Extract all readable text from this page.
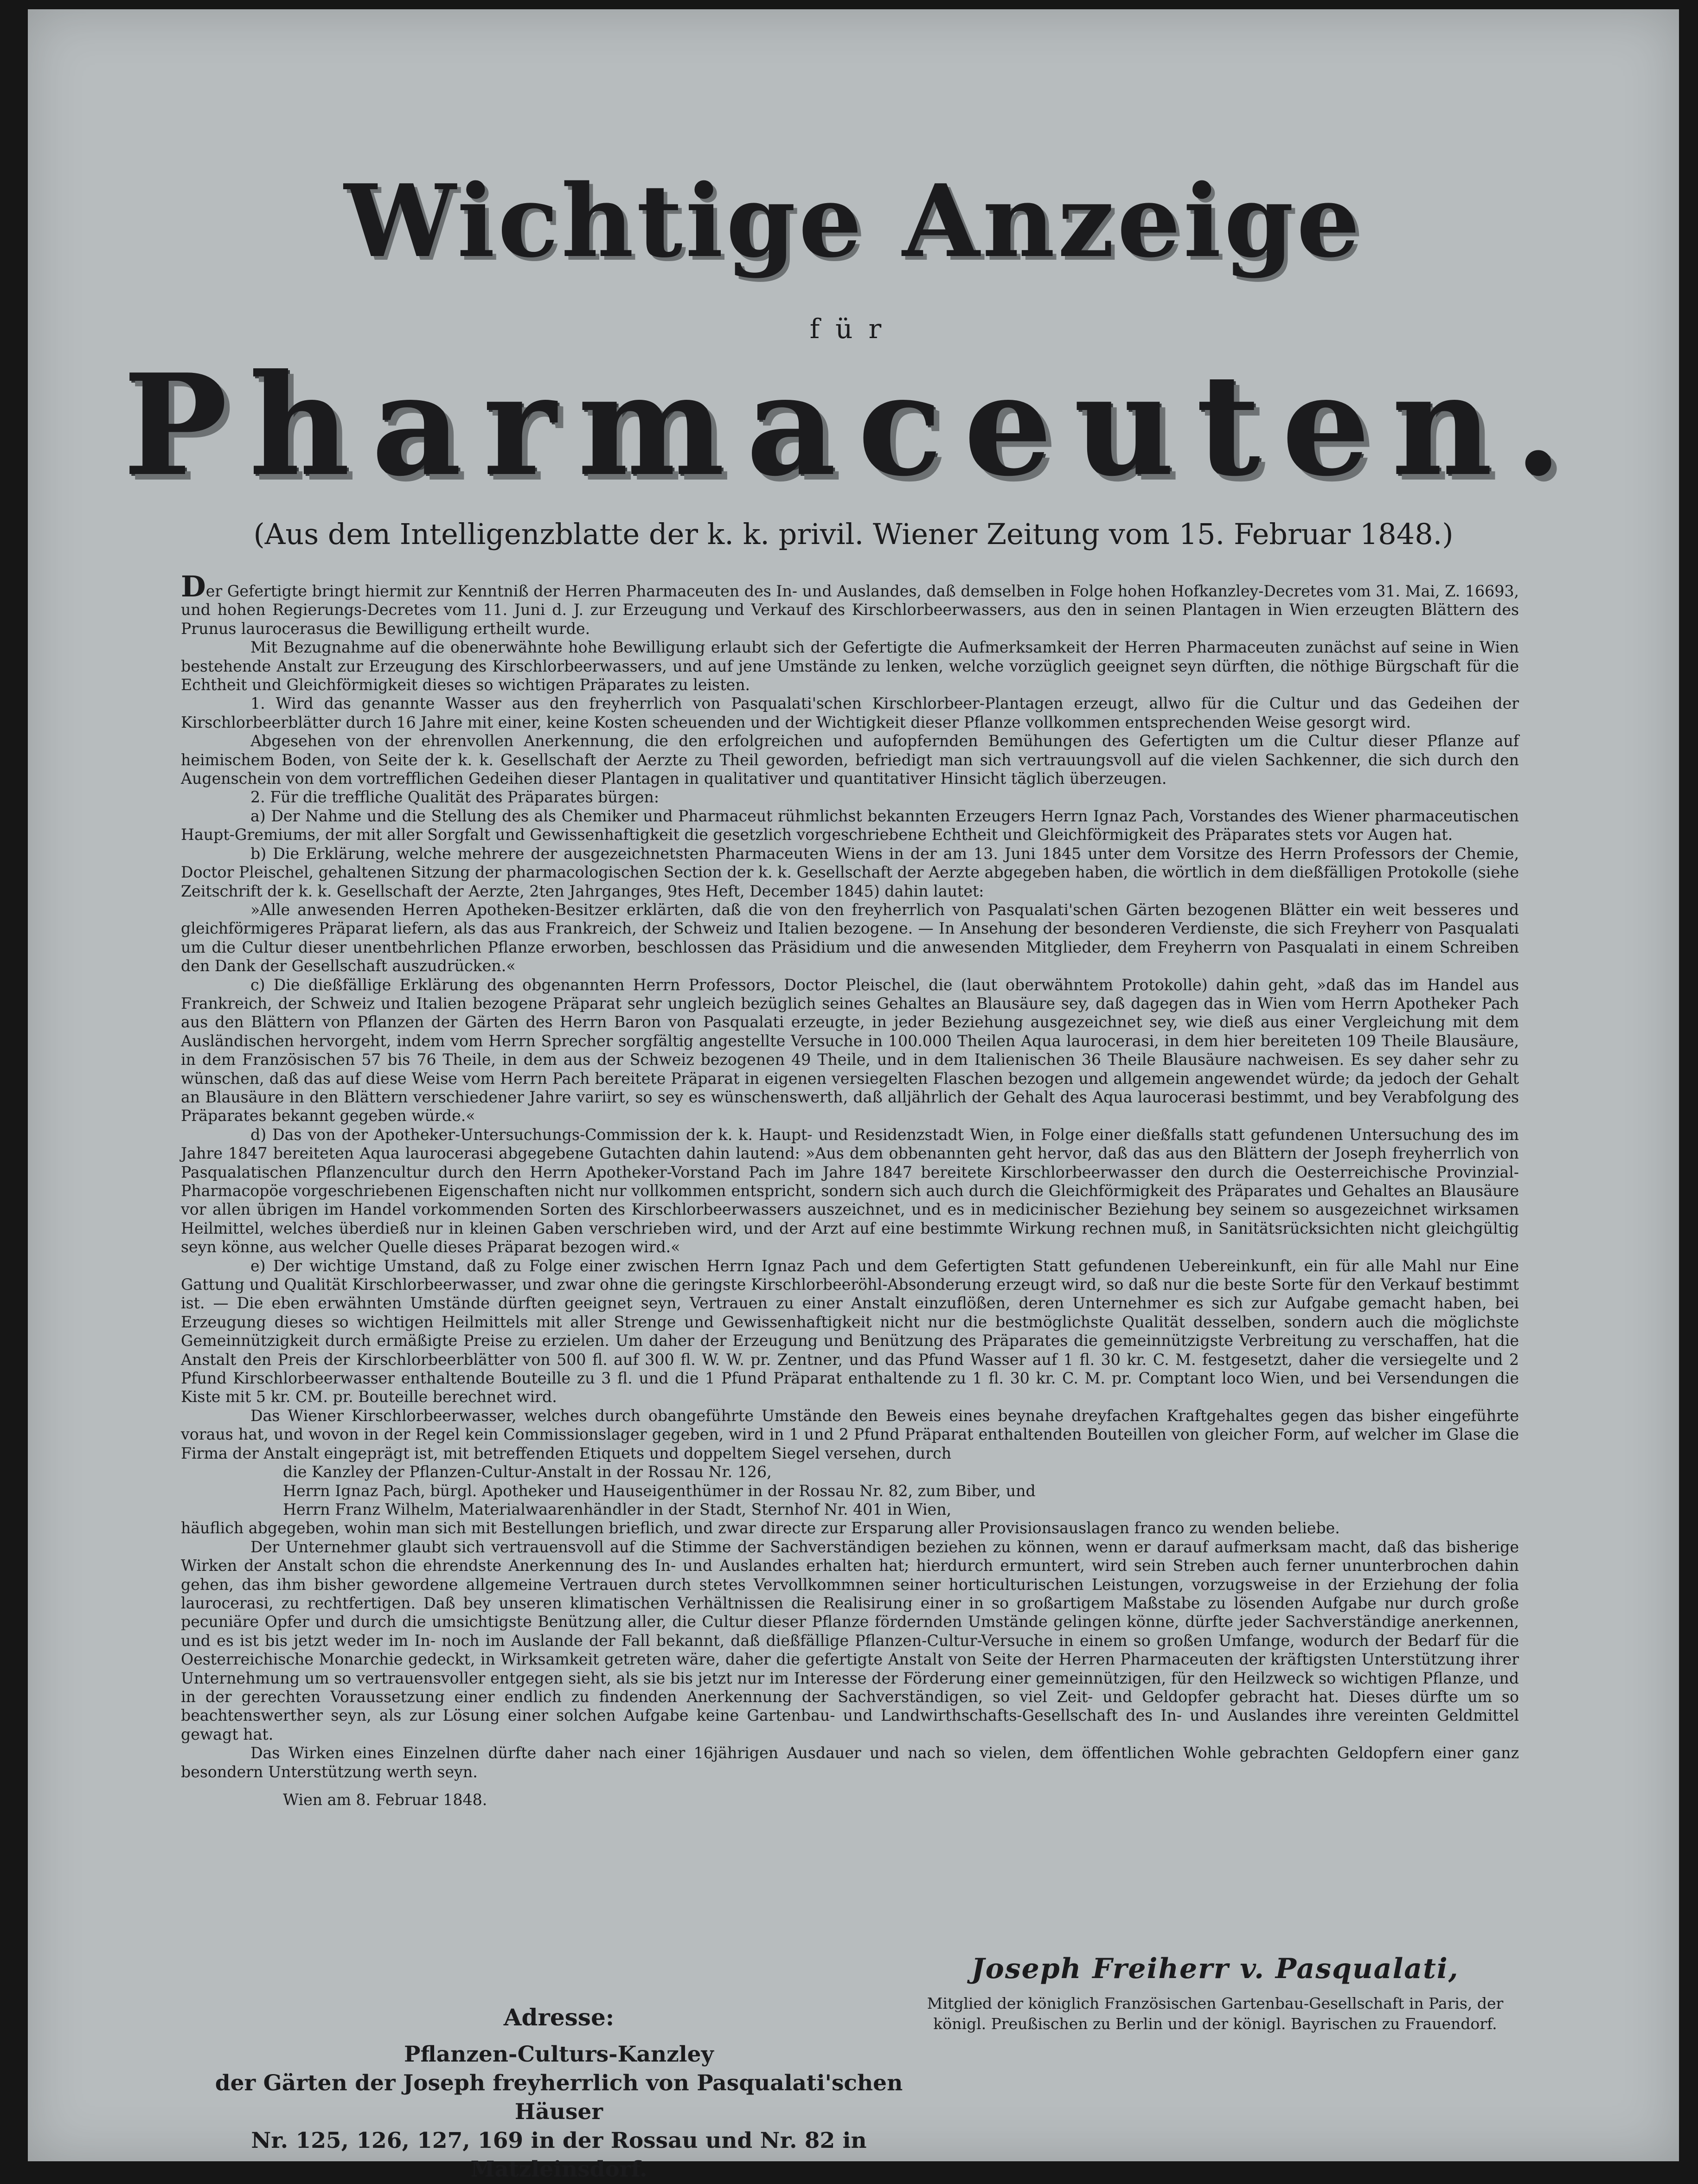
Wichtige Anzeige
für
Pharmaceuten.
(Aus dem Intelligenzblatte der k. k. privil. Wiener Zeitung vom 15. Februar 1848.)

Der Gefertigte bringt hiermit zur Kenntniß der Herren Pharmaceuten des In- und Auslandes, daß demselben in Folge hohen Hofkanzley-Decretes vom 31. Mai, Z. 16693, und hohen Regierungs-Decretes vom 11. Juni d. J. zur Erzeugung und Verkauf des Kirschlorbeerwassers, aus den in seinen Plantagen in Wien erzeugten Blättern des Prunus laurocerasus die Bewilligung ertheilt wurde.

Mit Bezugnahme auf die obenerwähnte hohe Bewilligung erlaubt sich der Gefertigte die Aufmerksamkeit der Herren Pharmaceuten zunächst auf seine in Wien bestehende Anstalt zur Erzeugung des Kirschlorbeerwassers, und auf jene Umstände zu lenken, welche vorzüglich geeignet seyn dürften, die nöthige Bürgschaft für die Echtheit und Gleichförmigkeit dieses so wichtigen Präparates zu leisten.

1. Wird das genannte Wasser aus den freyherrlich von Pasqualati'schen Kirschlorbeer-Plantagen erzeugt, allwo für die Cultur und das Gedeihen der Kirschlorbeerblätter durch 16 Jahre mit einer, keine Kosten scheuenden und der Wichtigkeit dieser Pflanze vollkommen entsprechenden Weise gesorgt wird.

Abgesehen von der ehrenvollen Anerkennung, die den erfolgreichen und aufopfernden Bemühungen des Gefertigten um die Cultur dieser Pflanze auf heimischem Boden, von Seite der k. k. Gesellschaft der Aerzte zu Theil geworden, befriedigt man sich vertrauungsvoll auf die vielen Sachkenner, die sich durch den Augenschein von dem vortrefflichen Gedeihen dieser Plantagen in qualitativer und quantitativer Hinsicht täglich überzeugen.

2. Für die treffliche Qualität des Präparates bürgen:

a) Der Nahme und die Stellung des als Chemiker und Pharmaceut rühmlichst bekannten Erzeugers Herrn Ignaz Pach, Vorstandes des Wiener pharmaceutischen Haupt-Gremiums, der mit aller Sorgfalt und Gewissenhaftigkeit die gesetzlich vorgeschriebene Echtheit und Gleichförmigkeit des Präparates stets vor Augen hat.

b) Die Erklärung, welche mehrere der ausgezeichnetsten Pharmaceuten Wiens in der am 13. Juni 1845 unter dem Vorsitze des Herrn Professors der Chemie, Doctor Pleischel, gehaltenen Sitzung der pharmacologischen Section der k. k. Gesellschaft der Aerzte abgegeben haben, die wörtlich in dem dießfälligen Protokolle (siehe Zeitschrift der k. k. Gesellschaft der Aerzte, 2ten Jahrganges, 9tes Heft, December 1845) dahin lautet:

»Alle anwesenden Herren Apotheken-Besitzer erklärten, daß die von den freyherrlich von Pasqualati'schen Gärten bezogenen Blätter ein weit besseres und gleichförmigeres Präparat liefern, als das aus Frankreich, der Schweiz und Italien bezogene. — In Ansehung der besonderen Verdienste, die sich Freyherr von Pasqualati um die Cultur dieser unentbehrlichen Pflanze erworben, beschlossen das Präsidium und die anwesenden Mitglieder, dem Freyherrn von Pasqualati in einem Schreiben den Dank der Gesellschaft auszudrücken.«

c) Die dießfällige Erklärung des obgenannten Herrn Professors, Doctor Pleischel, die (laut oberwähntem Protokolle) dahin geht, »daß das im Handel aus Frankreich, der Schweiz und Italien bezogene Präparat sehr ungleich bezüglich seines Gehaltes an Blausäure sey, daß dagegen das in Wien vom Herrn Apotheker Pach aus den Blättern von Pflanzen der Gärten des Herrn Baron von Pasqualati erzeugte, in jeder Beziehung ausgezeichnet sey, wie dieß aus einer Vergleichung mit dem Ausländischen hervorgeht, indem vom Herrn Sprecher sorgfältig angestellte Versuche in 100.000 Theilen Aqua laurocerasi, in dem hier bereiteten 109 Theile Blausäure, in dem Französischen 57 bis 76 Theile, in dem aus der Schweiz bezogenen 49 Theile, und in dem Italienischen 36 Theile Blausäure nachweisen. Es sey daher sehr zu wünschen, daß das auf diese Weise vom Herrn Pach bereitete Präparat in eigenen versiegelten Flaschen bezogen und allgemein angewendet würde; da jedoch der Gehalt an Blausäure in den Blättern verschiedener Jahre variirt, so sey es wünschenswerth, daß alljährlich der Gehalt des Aqua laurocerasi bestimmt, und bey Verabfolgung des Präparates bekannt gegeben würde.«

d) Das von der Apotheker-Untersuchungs-Commission der k. k. Haupt- und Residenzstadt Wien, in Folge einer dießfalls statt gefundenen Untersuchung des im Jahre 1847 bereiteten Aqua laurocerasi abgegebene Gutachten dahin lautend: »Aus dem obbenannten geht hervor, daß das aus den Blättern der Joseph freyherrlich von Pasqualatischen Pflanzencultur durch den Herrn Apotheker-Vorstand Pach im Jahre 1847 bereitete Kirschlorbeerwasser den durch die Oesterreichische Provinzial-Pharmacopöe vorgeschriebenen Eigenschaften nicht nur vollkommen entspricht, sondern sich auch durch die Gleichförmigkeit des Präparates und Gehaltes an Blausäure vor allen übrigen im Handel vorkommenden Sorten des Kirschlorbeerwassers auszeichnet, und es in medicinischer Beziehung bey seinem so ausgezeichnet wirksamen Heilmittel, welches überdieß nur in kleinen Gaben verschrieben wird, und der Arzt auf eine bestimmte Wirkung rechnen muß, in Sanitätsrücksichten nicht gleichgültig seyn könne, aus welcher Quelle dieses Präparat bezogen wird.«

e) Der wichtige Umstand, daß zu Folge einer zwischen Herrn Ignaz Pach und dem Gefertigten Statt gefundenen Uebereinkunft, ein für alle Mahl nur Eine Gattung und Qualität Kirschlorbeerwasser, und zwar ohne die geringste Kirschlorbeeröhl-Absonderung erzeugt wird, so daß nur die beste Sorte für den Verkauf bestimmt ist. — Die eben erwähnten Umstände dürften geeignet seyn, Vertrauen zu einer Anstalt einzuflößen, deren Unternehmer es sich zur Aufgabe gemacht haben, bei Erzeugung dieses so wichtigen Heilmittels mit aller Strenge und Gewissenhaftigkeit nicht nur die bestmöglichste Qualität desselben, sondern auch die möglichste Gemeinnützigkeit durch ermäßigte Preise zu erzielen. Um daher der Erzeugung und Benützung des Präparates die gemeinnützigste Verbreitung zu verschaffen, hat die Anstalt den Preis der Kirschlorbeerblätter von 500 fl. auf 300 fl. W. W. pr. Zentner, und das Pfund Wasser auf 1 fl. 30 kr. C. M. festgesetzt, daher die versiegelte und 2 Pfund Kirschlorbeerwasser enthaltende Bouteille zu 3 fl. und die 1 Pfund Präparat enthaltende zu 1 fl. 30 kr. C. M. pr. Comptant loco Wien, und bei Versendungen die Kiste mit 5 kr. CM. pr. Bouteille berechnet wird.

Das Wiener Kirschlorbeerwasser, welches durch obangeführte Umstände den Beweis eines beynahe dreyfachen Kraftgehaltes gegen das bisher eingeführte voraus hat, und wovon in der Regel kein Commissionslager gegeben, wird in 1 und 2 Pfund Präparat enthaltenden Bouteillen von gleicher Form, auf welcher im Glase die Firma der Anstalt eingeprägt ist, mit betreffenden Etiquets und doppeltem Siegel versehen, durch

die Kanzley der Pflanzen-Cultur-Anstalt in der Rossau Nr. 126,

Herrn Ignaz Pach, bürgl. Apotheker und Hauseigenthümer in der Rossau Nr. 82, zum Biber, und

Herrn Franz Wilhelm, Materialwaarenhändler in der Stadt, Sternhof Nr. 401 in Wien,

häuflich abgegeben, wohin man sich mit Bestellungen brieflich, und zwar directe zur Ersparung aller Provisionsauslagen franco zu wenden beliebe.

Der Unternehmer glaubt sich vertrauensvoll auf die Stimme der Sachverständigen beziehen zu können, wenn er darauf aufmerksam macht, daß das bisherige Wirken der Anstalt schon die ehrendste Anerkennung des In- und Auslandes erhalten hat; hierdurch ermuntert, wird sein Streben auch ferner ununterbrochen dahin gehen, das ihm bisher gewordene allgemeine Vertrauen durch stetes Vervollkommnen seiner horticulturischen Leistungen, vorzugsweise in der Erziehung der folia laurocerasi, zu rechtfertigen. Daß bey unseren klimatischen Verhältnissen die Realisirung einer in so großartigem Maßstabe zu lösenden Aufgabe nur durch große pecuniäre Opfer und durch die umsichtigste Benützung aller, die Cultur dieser Pflanze fördernden Umstände gelingen könne, dürfte jeder Sachverständige anerkennen, und es ist bis jetzt weder im In- noch im Auslande der Fall bekannt, daß dießfällige Pflanzen-Cultur-Versuche in einem so großen Umfange, wodurch der Bedarf für die Oesterreichische Monarchie gedeckt, in Wirksamkeit getreten wäre, daher die gefertigte Anstalt von Seite der Herren Pharmaceuten der kräftigsten Unterstützung ihrer Unternehmung um so vertrauensvoller entgegen sieht, als sie bis jetzt nur im Interesse der Förderung einer gemeinnützigen, für den Heilzweck so wichtigen Pflanze, und in der gerechten Voraussetzung einer endlich zu findenden Anerkennung der Sachverständigen, so viel Zeit- und Geldopfer gebracht hat. Dieses dürfte um so beachtenswerther seyn, als zur Lösung einer solchen Aufgabe keine Gartenbau- und Landwirthschafts-Gesellschaft des In- und Auslandes ihre vereinten Geldmittel gewagt hat.

Das Wirken eines Einzelnen dürfte daher nach einer 16jährigen Ausdauer und nach so vielen, dem öffentlichen Wohle gebrachten Geldopfern einer ganz besondern Unterstützung werth seyn.

Wien am 8. Februar 1848.

Joseph Freiherr v. Pasqualati,
Mitglied der königlich Französischen Gartenbau-Gesellschaft in Paris, der
königl. Preußischen zu Berlin und der königl. Bayrischen zu Frauendorf.
Adresse:
Pflanzen-Culturs-Kanzley
der Gärten der Joseph freyherrlich von Pasqualati'schen Häuser
Nr. 125, 126, 127, 169 in der Rossau und Nr. 82 in
Matzleinsdorf.
